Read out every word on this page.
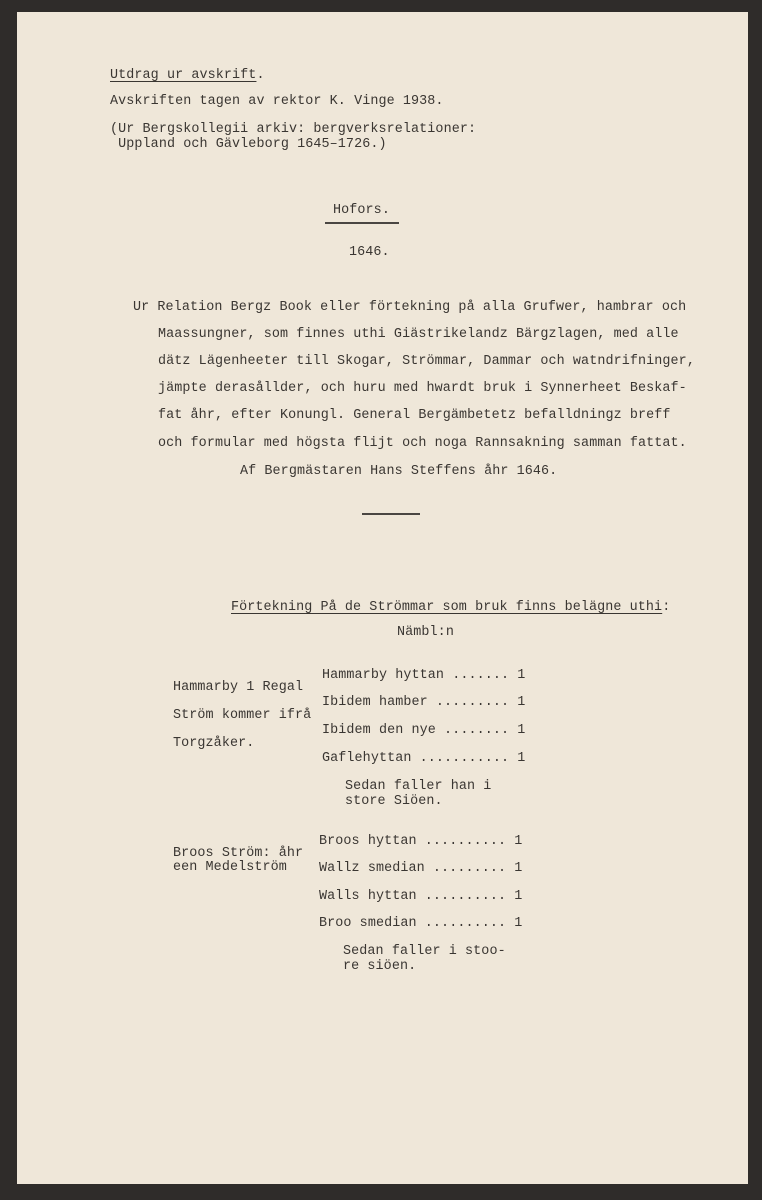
Utdrag ur avskrift.
Avskriften tagen av rektor K. Vinge 1938.
(Ur Bergskollegii arkiv: bergverksrelationer:
Uppland och Gävleborg 1645–1726.)
Hofors.
1646.
Ur Relation Bergz Book eller förtekning på alla Grufwer, hambrar och
Maassungner, som finnes uthi Giästrikelandz Bärgzlagen, med alle
dätz Lägenheeter till Skogar, Strömmar, Dammar och watndrifninger,
jämpte derasållder, och huru med hwardt bruk i Synnerheet Beskaf-
fat åhr, efter Konungl. General Bergämbetetz befalldningz breff
och formular med högsta flijt och noga Rannsakning samman fattat.
Af Bergmästaren Hans Steffens åhr 1646.
Förtekning På de Strömmar som bruk finns belägne uthi:
Nämbl:n
Hammarby 1 Regal
Ström kommer ifrå
Torgzåker.
Hammarby hyttan ....... 1
Ibidem hamber ......... 1
Ibidem den nye ........ 1
Gaflehyttan ........... 1
Sedan faller han i
store Siöen.
Broos Ström: åhr
een Medelström
Broos hyttan .......... 1
Wallz smedian ......... 1
Walls hyttan .......... 1
Broo smedian .......... 1
Sedan faller i stoo-
re siöen.
